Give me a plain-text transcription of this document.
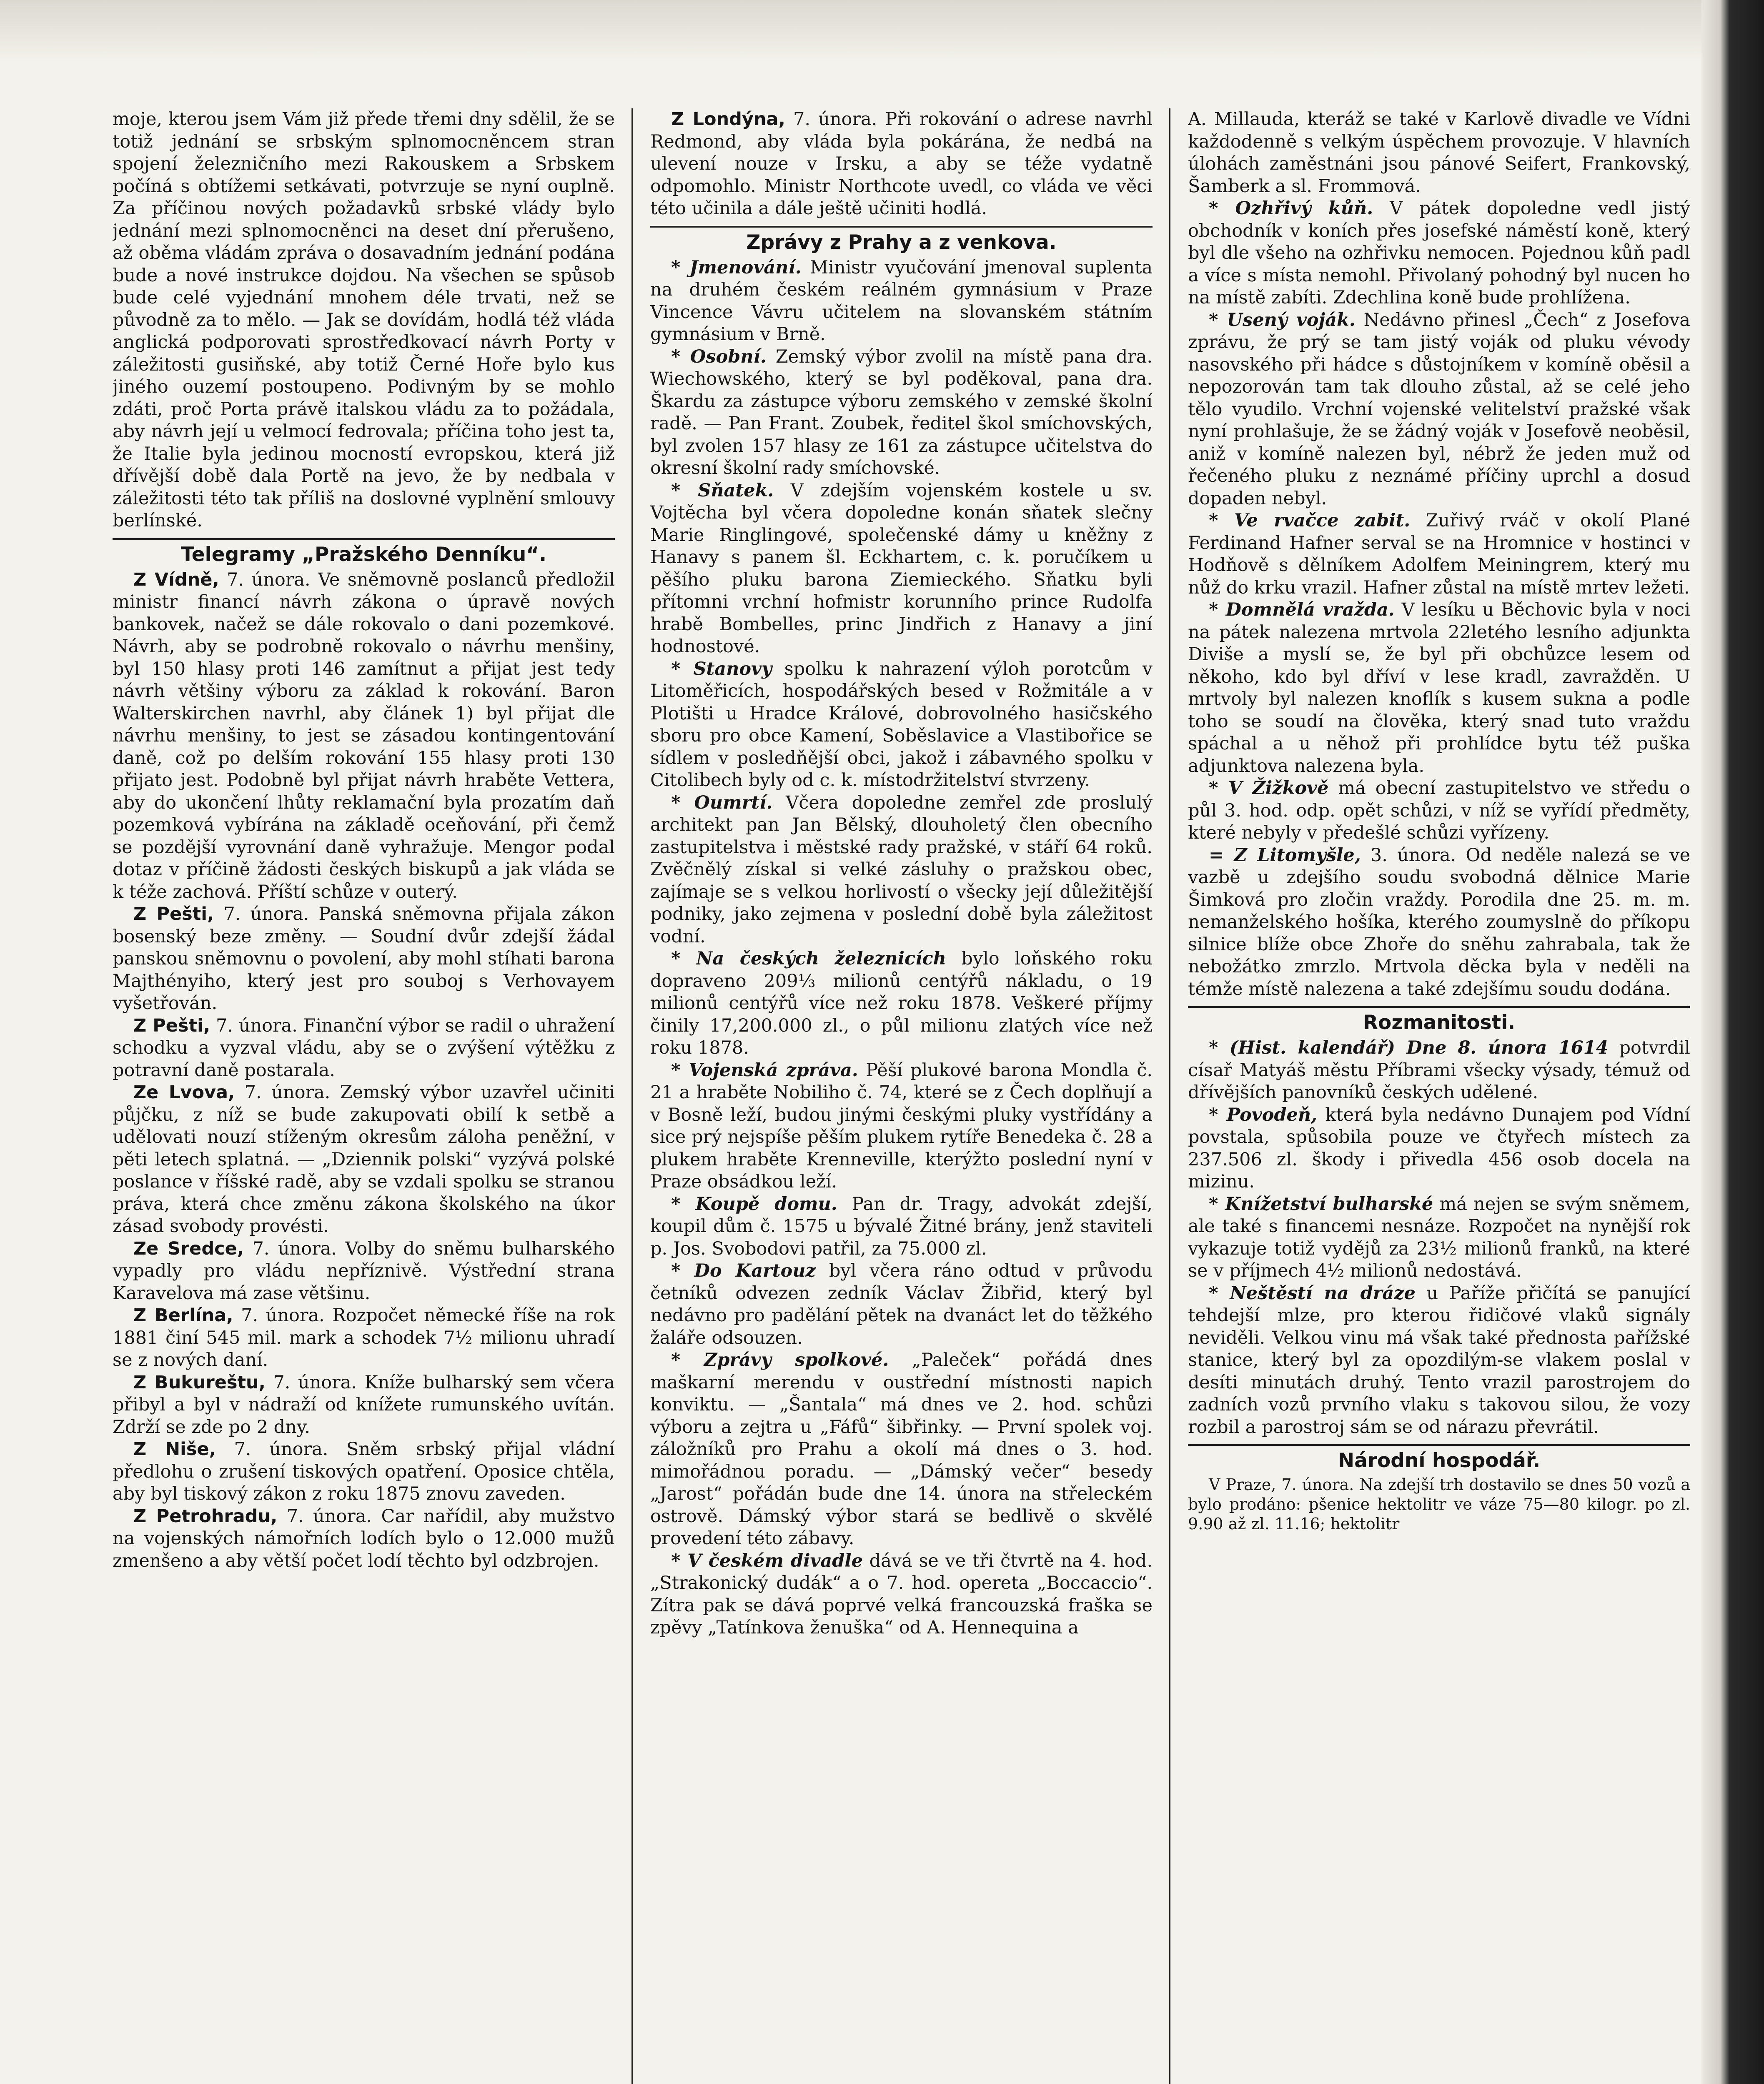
moje, kterou jsem Vám již přede třemi dny sdělil, že se totiž jednání se srbským splnomocněncem stran spojení železničního mezi Rakouskem a Srbskem počíná s obtížemi setkávati, potvrzuje se nyní ouplně. Za příčinou nových požadavků srbské vlády bylo jednání mezi splnomocněnci na deset dní přerušeno, až oběma vládám zpráva o dosavadním jednání podána bude a nové instrukce dojdou. Na všechen se spůsob bude celé vyjednání mnohem déle trvati, než se původně za to mělo. — Jak se dovídám, hodlá též vláda anglická podporovati sprostředkovací návrh Porty v záležitosti gusiňské, aby totiž Černé Hoře bylo kus jiného ouzemí postoupeno. Podivným by se mohlo zdáti, proč Porta právě italskou vládu za to požádala, aby návrh její u velmocí fedrovala; příčina toho jest ta, že Italie byla jedinou mocností evropskou, která již dřívější době dala Portě na jevo, že by nedbala v záležitosti této tak příliš na doslovné vyplnění smlouvy berlínské.

Telegramy „Pražského Denníku“.

Z Vídně, 7. února. Ve sněmovně poslanců předložil ministr financí návrh zákona o úpravě nových bankovek, načež se dále rokovalo o dani pozemkové. Návrh, aby se podrobně rokovalo o návrhu menšiny, byl 150 hlasy proti 146 zamítnut a přijat jest tedy návrh většiny výboru za základ k rokování. Baron Walterskirchen navrhl, aby článek 1) byl přijat dle návrhu menšiny, to jest se zásadou kontingentování daně, což po delším rokování 155 hlasy proti 130 přijato jest. Podobně byl přijat návrh hraběte Vettera, aby do ukončení lhůty reklamační byla prozatím daň pozemková vybírána na základě oceňování, při čemž se pozdější vyrovnání daně vyhražuje. Mengor podal dotaz v příčině žádosti českých biskupů a jak vláda se k téže zachová. Příští schůze v outerý.

Z Pešti, 7. února. Panská sněmovna přijala zákon bosenský beze změny. — Soudní dvůr zdejší žádal panskou sněmovnu o povolení, aby mohl stíhati barona Majthényiho, který jest pro souboj s Verhovayem vyšetřován.

Z Pešti, 7. února. Finanční výbor se radil o uhražení schodku a vyzval vládu, aby se o zvýšení výtěžku z potravní daně postarala.

Ze Lvova, 7. února. Zemský výbor uzavřel učiniti půjčku, z níž se bude zakupovati obilí k setbě a udělovati nouzí stíženým okresům záloha peněžní, v pěti letech splatná. — „Dziennik polski“ vyzývá polské poslance v říšské radě, aby se vzdali spolku se stranou práva, která chce změnu zákona školského na úkor zásad svobody provésti.

Ze Sredce, 7. února. Volby do sněmu bulharského vypadly pro vládu nepříznivě. Výstřední strana Karavelova má zase většinu.

Z Berlína, 7. února. Rozpočet německé říše na rok 1881 činí 545 mil. mark a schodek 7½ milionu uhradí se z nových daní.

Z Bukureštu, 7. února. Kníže bulharský sem včera přibyl a byl v nádraží od knížete rumunského uvítán. Zdrží se zde po 2 dny.

Z Niše, 7. února. Sněm srbský přijal vládní předlohu o zrušení tiskových opatření. Oposice chtěla, aby byl tiskový zákon z roku 1875 znovu zaveden.

Z Petrohradu, 7. února. Car nařídil, aby mužstvo na vojenských námořních lodích bylo o 12.000 mužů zmenšeno a aby větší počet lodí těchto byl odzbrojen.

Z Londýna, 7. února. Při rokování o adrese navrhl Redmond, aby vláda byla pokárána, že nedbá na ulevení nouze v Irsku, a aby se téže vydatně odpomohlo. Ministr Northcote uvedl, co vláda ve věci této učinila a dále ještě učiniti hodlá.

Zprávy z Prahy a z venkova.

* Jmenování. Ministr vyučování jmenoval suplenta na druhém českém reálném gymnásium v Praze Vincence Vávru učitelem na slovanském státním gymnásium v Brně.

* Osobní. Zemský výbor zvolil na místě pana dra. Wiechowského, který se byl poděkoval, pana dra. Škardu za zástupce výboru zemského v zemské školní radě. — Pan Frant. Zoubek, ředitel škol smíchovských, byl zvolen 157 hlasy ze 161 za zástupce učitelstva do okresní školní rady smíchovské.

* Sňatek. V zdejším vojenském kostele u sv. Vojtěcha byl včera dopoledne konán sňatek slečny Marie Ringlingové, společenské dámy u kněžny z Hanavy s panem šl. Eckhartem, c. k. poručíkem u pěšího pluku barona Ziemieckého. Sňatku byli přítomni vrchní hofmistr korunního prince Rudolfa hrabě Bombelles, princ Jindřich z Hanavy a jiní hodnostové.

* Stanovy spolku k nahrazení výloh porotcům v Litoměřicích, hospodářských besed v Rožmitále a v Plotišti u Hradce Králové, dobrovolného hasičského sboru pro obce Kamení, Soběslavice a Vlastibořice se sídlem v posledňější obci, jakož i zábavného spolku v Citolibech byly od c. k. místodržitelství stvrzeny.

* Oumrtí. Včera dopoledne zemřel zde proslulý architekt pan Jan Bělský, dlouholetý člen obecního zastupitelstva i městské rady pražské, v stáří 64 roků. Zvěčnělý získal si velké zásluhy o pražskou obec, zajímaje se s velkou horlivostí o všecky její důležitější podniky, jako zejmena v poslední době byla záležitost vodní.

* Na českých železnicích bylo loňského roku dopraveno 209⅓ milionů centýřů nákladu, o 19 milionů centýřů více než roku 1878. Veškeré příjmy činily 17,200.000 zl., o půl milionu zlatých více než roku 1878.

* Vojenská zpráva. Pěší plukové barona Mondla č. 21 a hraběte Nobiliho č. 74, které se z Čech doplňují a v Bosně leží, budou jinými českými pluky vystřídány a sice prý nejspíše pěším plukem rytíře Benedeka č. 28 a plukem hraběte Krenneville, kterýžto poslední nyní v Praze obsádkou leží.

* Koupě domu. Pan dr. Tragy, advokát zdejší, koupil dům č. 1575 u bývalé Žitné brány, jenž staviteli p. Jos. Svobodovi patřil, za 75.000 zl.

* Do Kartouz byl včera ráno odtud v průvodu četníků odvezen zedník Václav Žibřid, který byl nedávno pro padělání pětek na dvanáct let do těžkého žaláře odsouzen.

* Zprávy spolkové. „Paleček“ pořádá dnes maškarní merendu v oustřední místnosti napich konviktu. — „Šantala“ má dnes ve 2. hod. schůzi výboru a zejtra u „Fáfů“ šibřinky. — První spolek voj. záložníků pro Prahu a okolí má dnes o 3. hod. mimořádnou poradu. — „Dámský večer“ besedy „Jarost“ pořádán bude dne 14. února na střeleckém ostrově. Dámský výbor stará se bedlivě o skvělé provedení této zábavy.

* V českém divadle dává se ve tři čtvrtě na 4. hod. „Strakonický dudák“ a o 7. hod. opereta „Boccaccio“. Zítra pak se dává poprvé velká francouzská fraška se zpěvy „Tatínkova ženuška“ od A. Hennequina a

A. Millauda, kteráž se také v Karlově divadle ve Vídni každodenně s velkým úspěchem provozuje. V hlavních úlohách zaměstnáni jsou pánové Seifert, Frankovský, Šamberk a sl. Frommová.

* Ozhřivý kůň. V pátek dopoledne vedl jistý obchodník v koních přes josefské náměstí koně, který byl dle všeho na ozhřivku nemocen. Pojednou kůň padl a více s místa nemohl. Přivolaný pohodný byl nucen ho na místě zabíti. Zdechlina koně bude prohlížena.

* Usený voják. Nedávno přinesl „Čech“ z Josefova zprávu, že prý se tam jistý voják od pluku vévody nasovského při hádce s důstojníkem v komíně oběsil a nepozorován tam tak dlouho zůstal, až se celé jeho tělo vyudilo. Vrchní vojenské velitelství pražské však nyní prohlašuje, že se žádný voják v Josefově neoběsil, aniž v komíně nalezen byl, nébrž že jeden muž od řečeného pluku z neznámé příčiny uprchl a dosud dopaden nebyl.

* Ve rvačce zabit. Zuřivý rváč v okolí Plané Ferdinand Hafner serval se na Hromnice v hostinci v Hodňově s dělníkem Adolfem Meiningrem, který mu nůž do krku vrazil. Hafner zůstal na místě mrtev ležeti.

* Domnělá vražda. V lesíku u Běchovic byla v noci na pátek nalezena mrtvola 22letého lesního adjunkta Diviše a myslí se, že byl při obchůzce lesem od někoho, kdo byl dříví v lese kradl, zavražděn. U mrtvoly byl nalezen knoflík s kusem sukna a podle toho se soudí na člověka, který snad tuto vraždu spáchal a u něhož při prohlídce bytu též puška adjunktova nalezena byla.

* V Žižkově má obecní zastupitelstvo ve středu o půl 3. hod. odp. opět schůzi, v níž se vyřídí předměty, které nebyly v předešlé schůzi vyřízeny.

= Z Litomyšle, 3. února. Od neděle nalezá se ve vazbě u zdejšího soudu svobodná dělnice Marie Šimková pro zločin vraždy. Porodila dne 25. m. m. nemanželského hošíka, kterého zoumyslně do příkopu silnice blíže obce Zhoře do sněhu zahrabala, tak že nebožátko zmrzlo. Mrtvola děcka byla v neděli na témže místě nalezena a také zdejšímu soudu dodána.

Rozmanitosti.

* (Hist. kalendář) Dne 8. února 1614 potvrdil císař Matyáš městu Příbrami všecky výsady, témuž od dřívějších panovníků českých udělené.

* Povodeň, která byla nedávno Dunajem pod Vídní povstala, spůsobila pouze ve čtyřech místech za 237.506 zl. škody i přivedla 456 osob docela na mizinu.

* Knížetství bulharské má nejen se svým sněmem, ale také s financemi nesnáze. Rozpočet na nynější rok vykazuje totiž vydějů za 23½ milionů franků, na které se v příjmech 4½ milionů nedostává.

* Neštěstí na dráze u Paříže přičítá se panující tehdejší mlze, pro kterou řidičové vlaků signály neviděli. Velkou vinu má však také přednosta pařížské stanice, který byl za opozdilým-se vlakem poslal v desíti minutách druhý. Tento vrazil parostrojem do zadních vozů prvního vlaku s takovou silou, že vozy rozbil a parostroj sám se od nárazu převrátil.

Národní hospodář.

V Praze, 7. února. Na zdejší trh dostavilo se dnes 50 vozů a bylo prodáno: pšenice hektolitr ve váze 75—80 kilogr. po zl. 9.90 až zl. 11.16; hektolitr
